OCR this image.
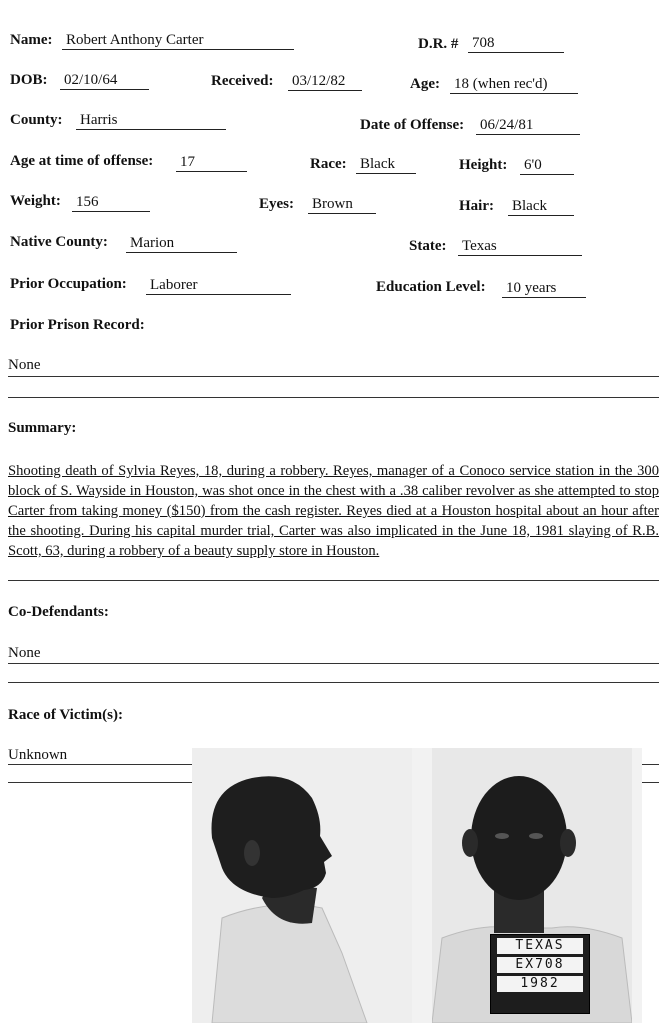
Name: Robert Anthony Carter	D.R. # 708
DOB: 02/10/64	Received: 03/12/82	Age: 18 (when rec'd)
County: Harris	Date of Offense: 06/24/81
Age at time of offense: 17	Race: Black	Height: 6'0
Weight: 156	Eyes: Brown	Hair: Black
Native County: Marion	State: Texas
Prior Occupation: Laborer	Education Level: 10 years
Prior Prison Record:
None
Summary:
Shooting death of Sylvia Reyes, 18, during a robbery. Reyes, manager of a Conoco service station in the 300 block of S. Wayside in Houston, was shot once in the chest with a .38 caliber revolver as she attempted to stop Carter from taking money ($150) from the cash register. Reyes died at a Houston hospital about an hour after the shooting. During his capital murder trial, Carter was also implicated in the June 18, 1981 slaying of R.B. Scott, 63, during a robbery of a beauty supply store in Houston.
Co-Defendants:
None
Race of Victim(s):
Unknown
TEXAS
EX708
1982
